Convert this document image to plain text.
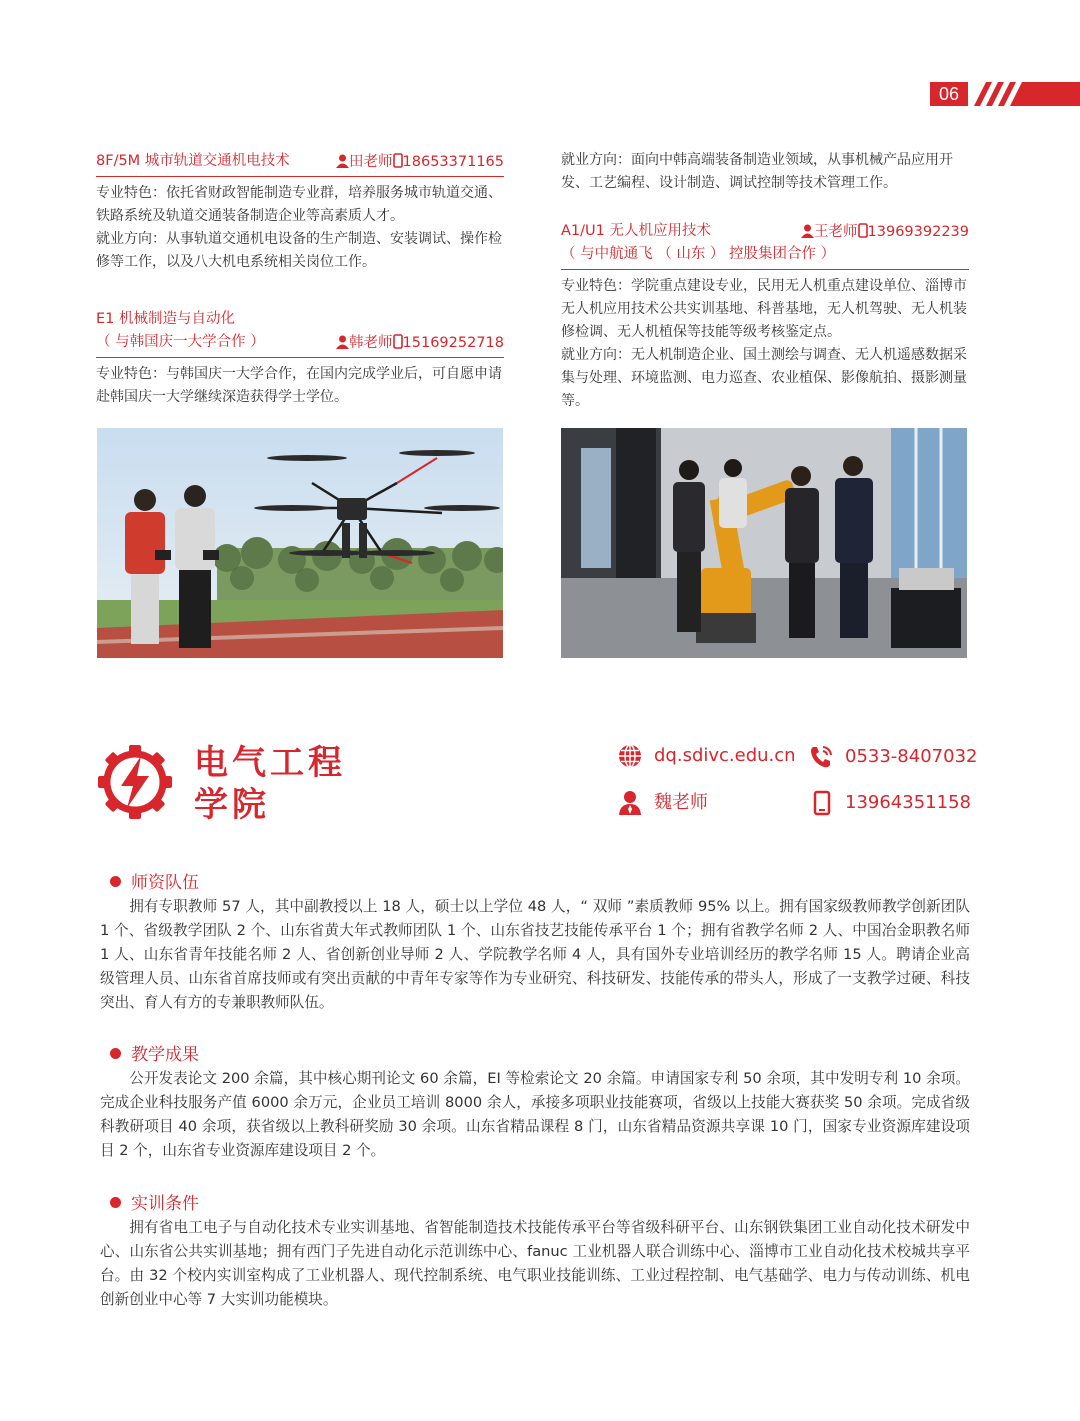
06
8F/5M 城市轨道交通机电技术	田老师 18653371165

专业特色：依托省财政智能制造专业群，培养服务城市轨道交通、铁路系统及轨道交通装备制造企业等高素质人才。

就业方向：从事轨道交通机电设备的生产制造、安装调试、操作检修等工作，以及八大机电系统相关岗位工作。

E1 机械制造与自动化
（ 与韩国庆一大学合作 ）	韩老师 15169252718

专业特色：与韩国庆一大学合作，在国内完成学业后，可自愿申请赴韩国庆一大学继续深造获得学士学位。

就业方向：面向中韩高端装备制造业领域，从事机械产品应用开发、工艺编程、设计制造、调试控制等技术管理工作。

A1/U1 无人机应用技术
（ 与中航通飞 （ 山东 ） 控股集团合作 ）
王老师 13969392239

专业特色：学院重点建设专业，民用无人机重点建设单位、淄博市无人机应用技术公共实训基地、科普基地，无人机驾驶、无人机装修检调、无人机植保等技能等级考核鉴定点。

就业方向：无人机制造企业、国土测绘与调查、无人机遥感数据采集与处理、环境监测、电力巡查、农业植保、影像航拍、摄影测量等。

电气工程
学院
dq.sdivc.edu.cn	0533-8407032
魏老师	13964351158
师资队伍
拥有专职教师 57 人，其中副教授以上 18 人，硕士以上学位 48 人，“ 双师 ”素质教师 95% 以上。拥有国家级教师教学创新团队 1 个、省级教学团队 2 个、山东省黄大年式教师团队 1 个、山东省技艺技能传承平台 1 个；拥有省教学名师 2 人、中国冶金职教名师 1 人、山东省青年技能名师 2 人、省创新创业导师 2 人、学院教学名师 4 人，具有国外专业培训经历的教学名师 15 人。聘请企业高级管理人员、山东省首席技师或有突出贡献的中青年专家等作为专业研究、科技研发、技能传承的带头人，形成了一支教学过硬、科技突出、育人有方的专兼职教师队伍。
教学成果
公开发表论文 200 余篇，其中核心期刊论文 60 余篇，EI 等检索论文 20 余篇。申请国家专利 50 余项，其中发明专利 10 余项。完成企业科技服务产值 6000 余万元，企业员工培训 8000 余人，承接多项职业技能赛项，省级以上技能大赛获奖 50 余项。完成省级科教研项目 40 余项，获省级以上教科研奖励 30 余项。山东省精品课程 8 门，山东省精品资源共享课 10 门，国家专业资源库建设项目 2 个，山东省专业资源库建设项目 2 个。
实训条件
拥有省电工电子与自动化技术专业实训基地、省智能制造技术技能传承平台等省级科研平台、山东钢铁集团工业自动化技术研发中心、山东省公共实训基地；拥有西门子先进自动化示范训练中心、fanuc 工业机器人联合训练中心、淄博市工业自动化技术校城共享平台。由 32 个校内实训室构成了工业机器人、现代控制系统、电气职业技能训练、工业过程控制、电气基础学、电力与传动训练、机电创新创业中心等 7 大实训功能模块。
